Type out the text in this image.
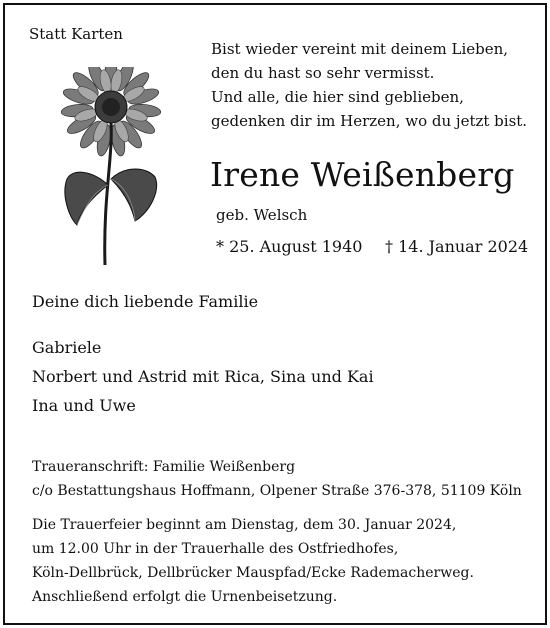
Statt Karten
Bist wieder vereint mit deinem Lieben,
den du hast so sehr vermisst.
Und alle, die hier sind geblieben,
gedenken dir im Herzen, wo du jetzt bist.
Irene Weißenberg
geb. Welsch
* 25. August 1940 † 14. Januar 2024
Deine dich liebende Familie
Gabriele
Norbert und Astrid mit Rica, Sina und Kai
Ina und Uwe
Traueranschrift: Familie Weißenberg
c/o Bestattungshaus Hoffmann, Olpener Straße 376-378, 51109 Köln
Die Trauerfeier beginnt am Dienstag, dem 30. Januar 2024,
um 12.00 Uhr in der Trauerhalle des Ostfriedhofes,
Köln-Dellbrück, Dellbrücker Mauspfad/Ecke Rademacherweg.
Anschließend erfolgt die Urnenbeisetzung.
